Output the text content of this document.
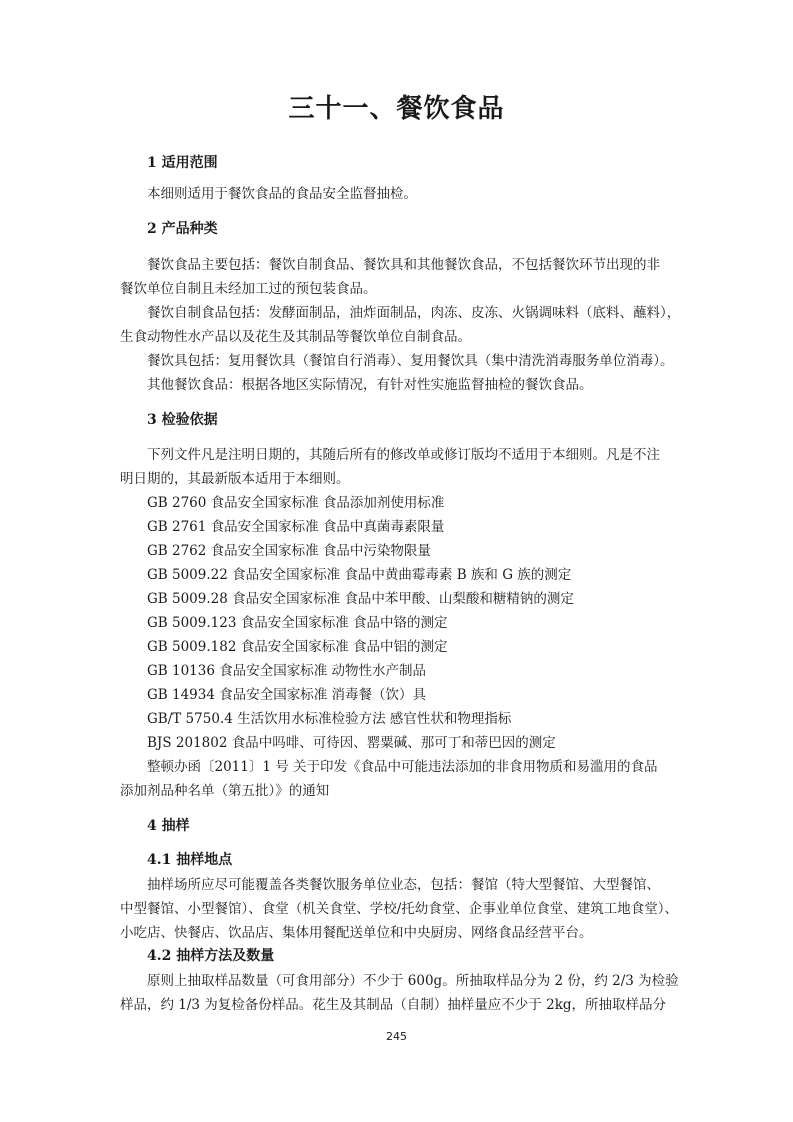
三十一、餐饮食品
1 适用范围
本细则适用于餐饮食品的食品安全监督抽检。
2 产品种类
餐饮食品主要包括：餐饮自制食品、餐饮具和其他餐饮食品，不包括餐饮环节出现的非
餐饮单位自制且未经加工过的预包装食品。
餐饮自制食品包括：发酵面制品，油炸面制品，肉冻、皮冻、火锅调味料（底料、蘸料），
生食动物性水产品以及花生及其制品等餐饮单位自制食品。
餐饮具包括：复用餐饮具（餐馆自行消毒）、复用餐饮具（集中清洗消毒服务单位消毒）。
其他餐饮食品：根据各地区实际情况，有针对性实施监督抽检的餐饮食品。
3 检验依据
下列文件凡是注明日期的，其随后所有的修改单或修订版均不适用于本细则。凡是不注
明日期的，其最新版本适用于本细则。
GB 2760 食品安全国家标准 食品添加剂使用标准
GB 2761 食品安全国家标准 食品中真菌毒素限量
GB 2762 食品安全国家标准 食品中污染物限量
GB 5009.22 食品安全国家标准 食品中黄曲霉毒素 B 族和 G 族的测定
GB 5009.28 食品安全国家标准 食品中苯甲酸、山梨酸和糖精钠的测定
GB 5009.123 食品安全国家标准 食品中铬的测定
GB 5009.182 食品安全国家标准 食品中铝的测定
GB 10136 食品安全国家标准 动物性水产制品
GB 14934 食品安全国家标准 消毒餐（饮）具
GB/T 5750.4 生活饮用水标准检验方法 感官性状和物理指标
BJS 201802 食品中吗啡、可待因、罂粟碱、那可丁和蒂巴因的测定
整顿办函〔2011〕1 号 关于印发《食品中可能违法添加的非食用物质和易滥用的食品
添加剂品种名单（第五批）》的通知
4 抽样
4.1 抽样地点
抽样场所应尽可能覆盖各类餐饮服务单位业态，包括：餐馆（特大型餐馆、大型餐馆、
中型餐馆、小型餐馆）、食堂（机关食堂、学校/托幼食堂、企事业单位食堂、建筑工地食堂）、
小吃店、快餐店、饮品店、集体用餐配送单位和中央厨房、网络食品经营平台。
4.2 抽样方法及数量
原则上抽取样品数量（可食用部分）不少于 600g。所抽取样品分为 2 份，约 2/3 为检验
样品，约 1/3 为复检备份样品。花生及其制品（自制）抽样量应不少于 2kg，所抽取样品分
245
